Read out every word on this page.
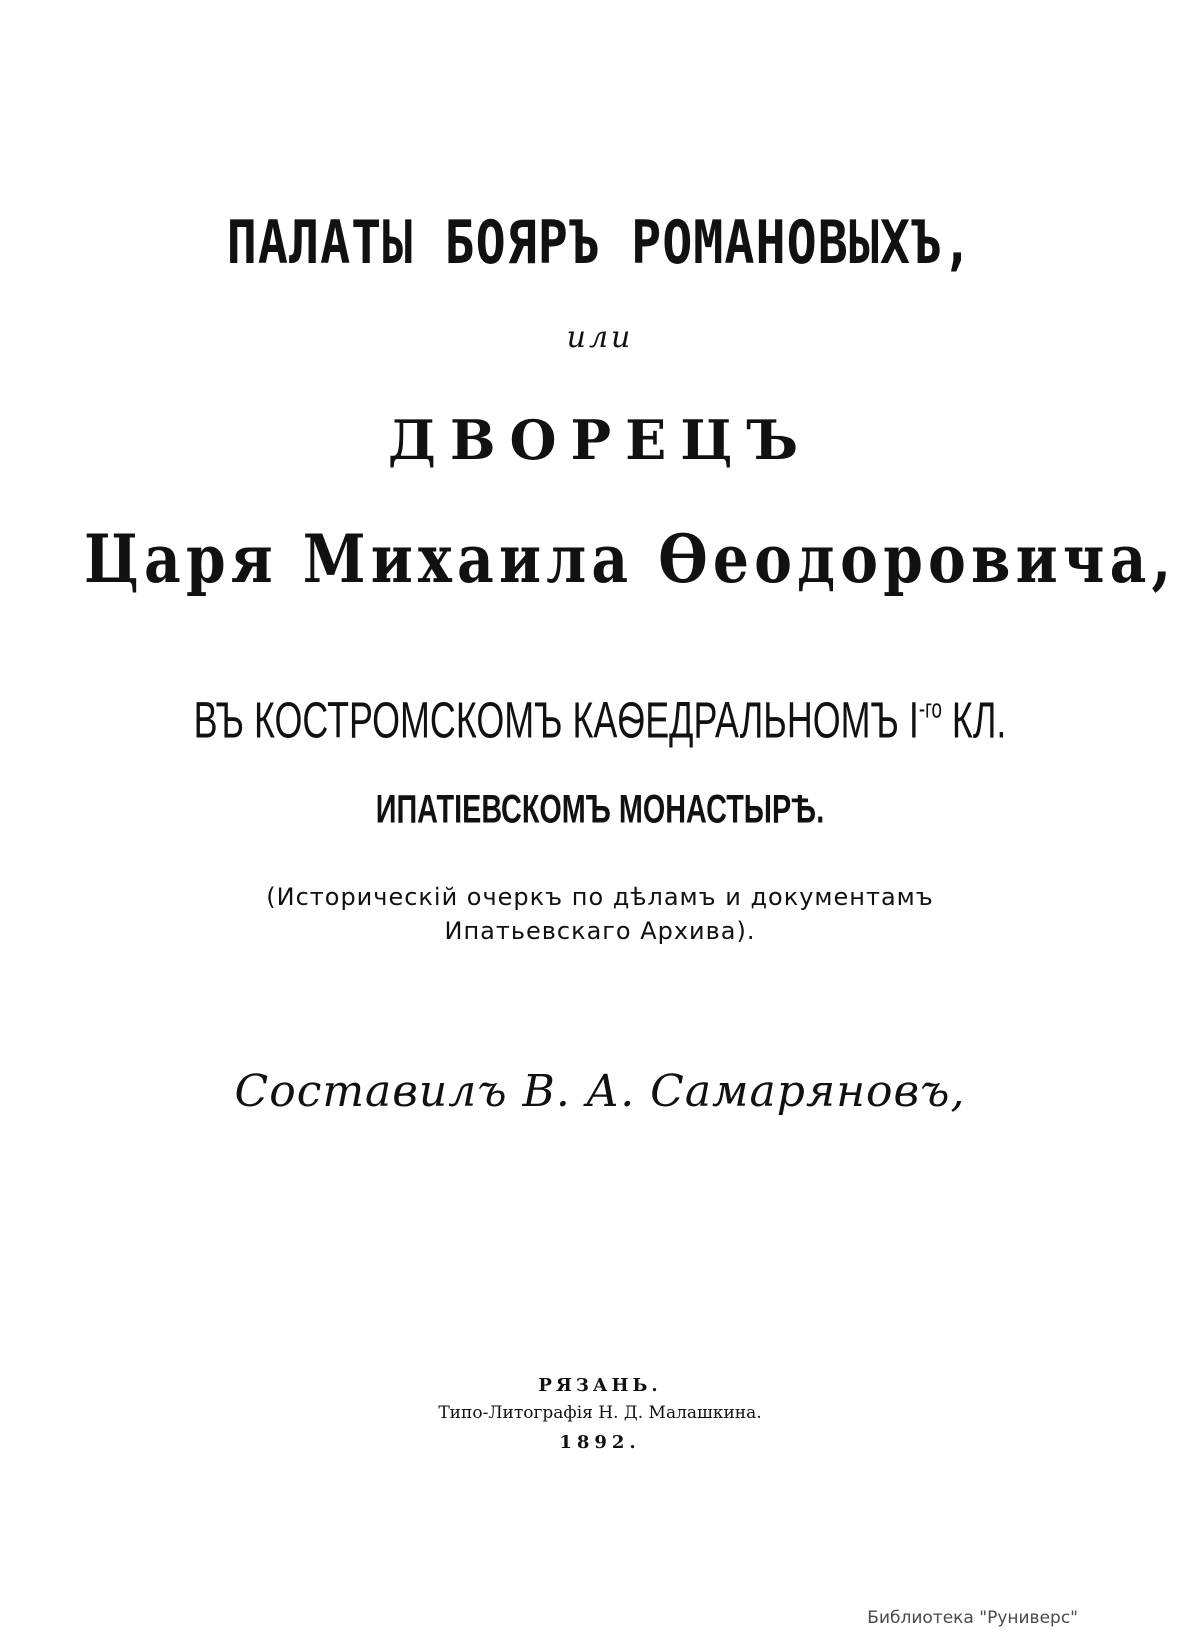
ПАЛАТЫ БОЯРЪ РОМАНОВЫХЪ,
или
ДВОРЕЦЪ
Царя Михаила Ѳеодоровича,
ВЪ КОСТРОМСКОМЪ КАѲЕДРАЛЬНОМЪ $I^{-го}$ КЛ.
ИПАТІЕВСКОМЪ МОНАСТЫРѢ.
(Историческій очеркъ по дѣламъ и документамъ
Ипатьевскаго Архива).
Составилъ В. А. Самаряновъ,
РЯЗАНЬ.
Типо-Литографія Н. Д. Малашкина.
1892.
Библиотека "Руниверс"
